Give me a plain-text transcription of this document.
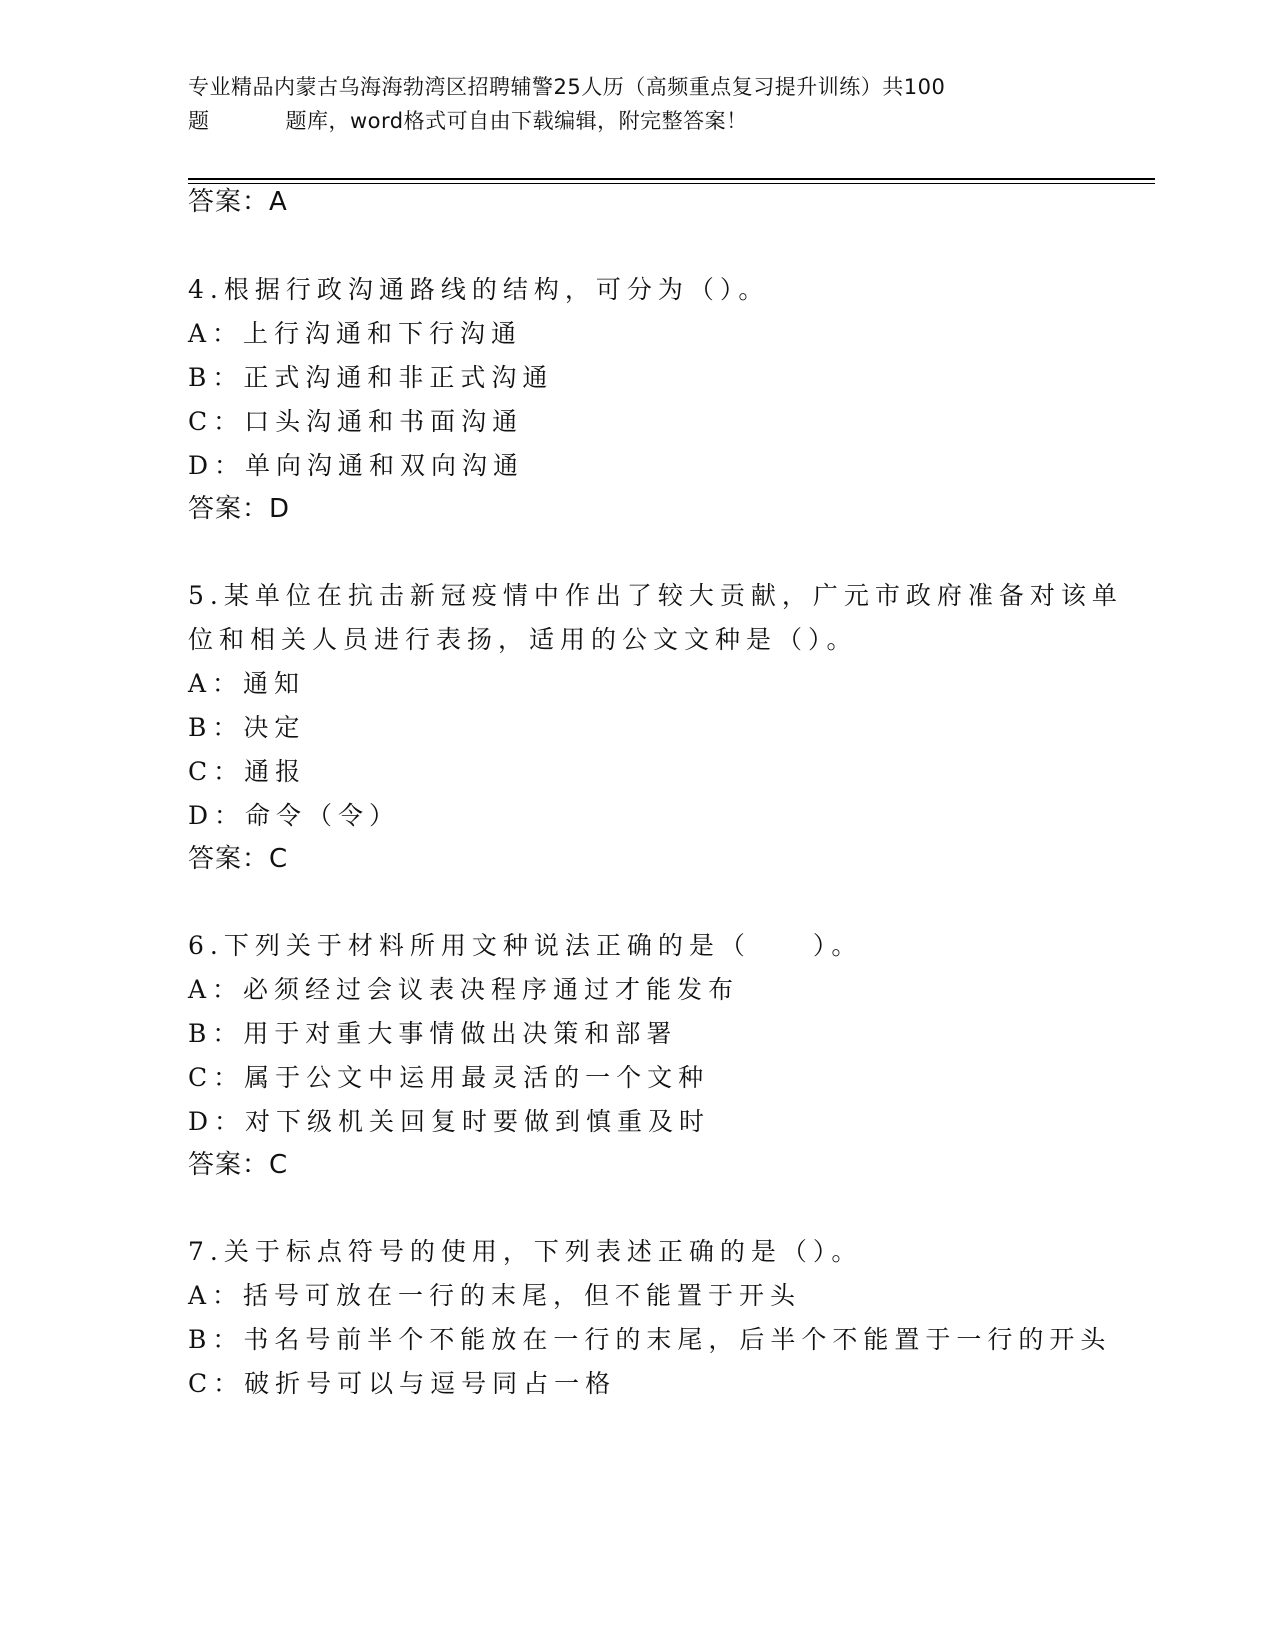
专业精品内蒙古乌海海勃湾区招聘辅警25人历（高频重点复习提升训练）共100
题	题库，word格式可自由下载编辑，附完整答案！
答案：A
4.根据行政沟通路线的结构，可分为（）。
A：上行沟通和下行沟通
B：正式沟通和非正式沟通
C：口头沟通和书面沟通
D：单向沟通和双向沟通
答案：D
5.某单位在抗击新冠疫情中作出了较大贡献，广元市政府准备对该单
位和相关人员进行表扬，适用的公文文种是（）。
A：通知
B：决定
C：通报
D：命令（令）
答案：C
6.下列关于材料所用文种说法正确的是（　　）。
A：必须经过会议表决程序通过才能发布
B：用于对重大事情做出决策和部署
C：属于公文中运用最灵活的一个文种
D：对下级机关回复时要做到慎重及时
答案：C
7.关于标点符号的使用，下列表述正确的是（）。
A：括号可放在一行的末尾，但不能置于开头
B：书名号前半个不能放在一行的末尾，后半个不能置于一行的开头
C：破折号可以与逗号同占一格
